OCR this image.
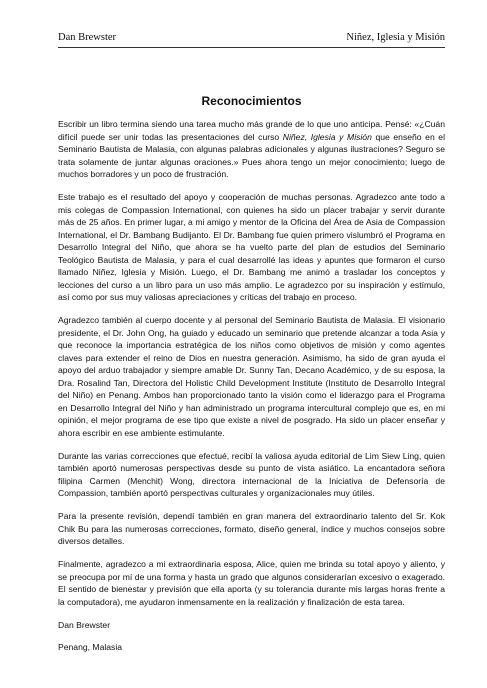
Dan Brewster	Niñez, Iglesia y Misión
Reconocimientos

Escribir un libro termina siendo una tarea mucho más grande de lo que uno anticipa. Pensé: «¿Cuán difícil puede ser unir todas las presentaciones del curso Niñez, Iglesia y Misión que enseño en el Seminario Bautista de Malasia, con algunas palabras adicionales y algunas ilustraciones? Seguro se trata solamente de juntar algunas oraciones.» Pues ahora tengo un mejor conocimiento; luego de muchos borradores y un poco de frustración.

Este trabajo es el resultado del apoyo y cooperación de muchas personas. Agradezco ante todo a mis colegas de Compassion International, con quienes ha sido un placer trabajar y servir durante más de 25 años. En primer lugar, a mi amigo y mentor de la Oficina del Área de Asia de Compassion International, el Dr. Bambang Budijanto. El Dr. Bambang fue quien primero vislumbró el Programa en Desarrollo Integral del Niño, que ahora se ha vuelto parte del plan de estudios del Seminario Teológico Bautista de Malasia, y para el cual desarrollé las ideas y apuntes que formaron el curso llamado Niñez, Iglesia y Misión. Luego, el Dr. Bambang me animó a trasladar los conceptos y lecciones del curso a un libro para un uso más amplio. Le agradezco por su inspiración y estímulo, así como por sus muy valiosas apreciaciones y críticas del trabajo en proceso.

Agradezco también al cuerpo docente y al personal del Seminario Bautista de Malasia. El visionario presidente, el Dr. John Ong, ha guiado y educado un seminario que pretende alcanzar a toda Asia y que reconoce la importancia estratégica de los niños como objetivos de misión y como agentes claves para extender el reino de Dios en nuestra generación. Asimismo, ha sido de gran ayuda el apoyo del arduo trabajador y siempre amable Dr. Sunny Tan, Decano Académico, y de su esposa, la Dra. Rosalind Tan, Directora del Holistic Child Development Institute (Instituto de Desarrollo Integral del Niño) en Penang. Ambos han proporcionado tanto la visión como el liderazgo para el Programa en Desarrollo Integral del Niño y han administrado un programa intercultural complejo que es, en mi opinión, el mejor programa de ese tipo que existe a nivel de posgrado. Ha sido un placer enseñar y ahora escribir en ese ambiente estimulante.

Durante las varias correcciones que efectué, recibí la valiosa ayuda editorial de Lim Siew Ling, quien también aportó numerosas perspectivas desde su punto de vista asiático. La encantadora señora filipina Carmen (Menchit) Wong, directora internacional de la Iniciativa de Defensoría de Compassion, también aportó perspectivas culturales y organizacionales muy útiles.

Para la presente revisión, dependí también en gran manera del extraordinario talento del Sr. Kok Chik Bu para las numerosas correcciones, formato, diseño general, índice y muchos consejos sobre diversos detalles.

Finalmente, agradezco a mi extraordinaria esposa, Alice, quien me brinda su total apoyo y aliento, y se preocupa por mí de una forma y hasta un grado que algunos considerarían excesivo o exagerado. El sentido de bienestar y previsión que ella aporta (y su tolerancia durante mis largas horas frente a la computadora), me ayudaron inmensamente en la realización y finalización de esta tarea.

Dan Brewster

Penang, Malasia
